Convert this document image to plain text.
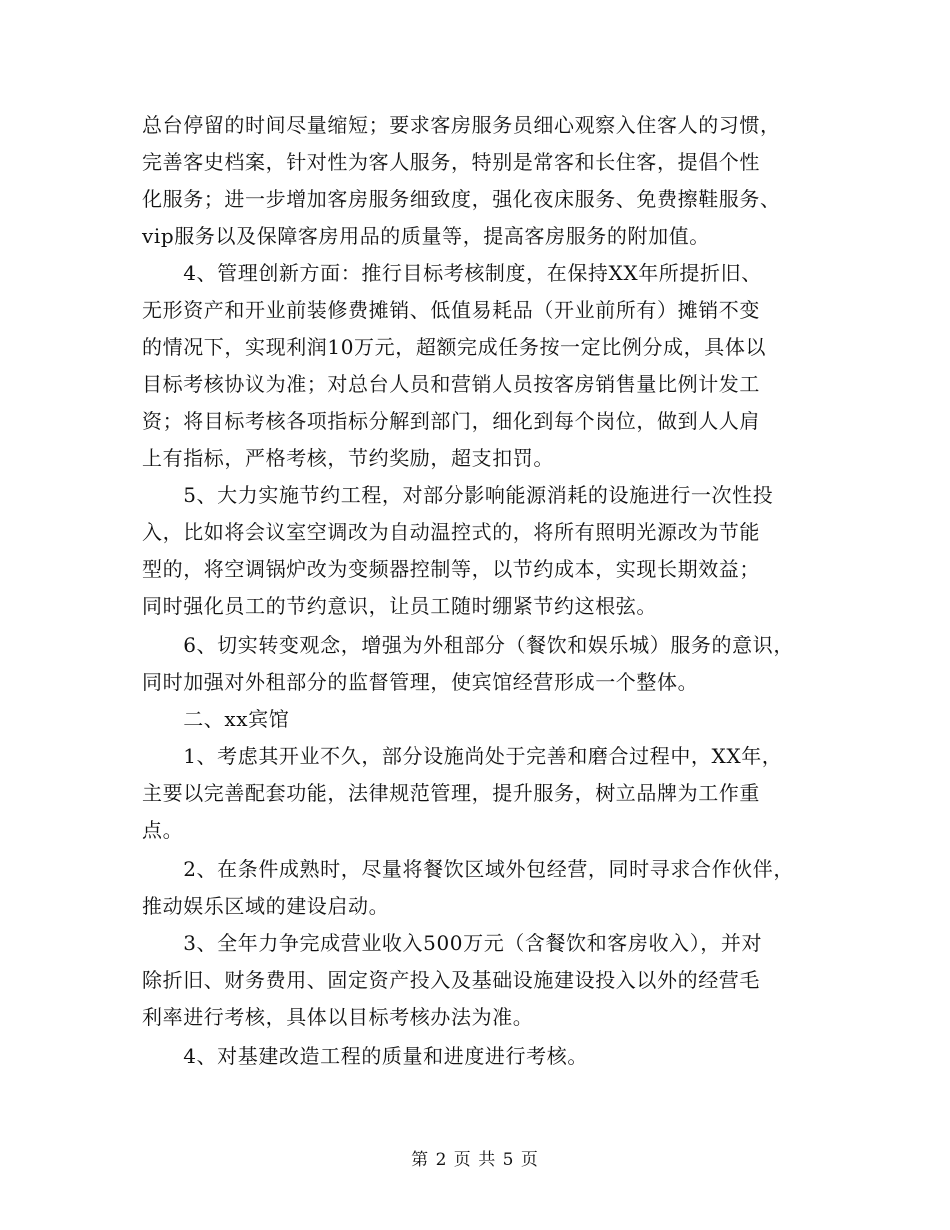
总台停留的时间尽量缩短；要求客房服务员细心观察入住客人的习惯，
完善客史档案，针对性为客人服务，特别是常客和长住客，提倡个性
化服务；进一步增加客房服务细致度，强化夜床服务、免费擦鞋服务、
vip服务以及保障客房用品的质量等，提高客房服务的附加值。
　　4、管理创新方面：推行目标考核制度，在保持XX年所提折旧、
无形资产和开业前装修费摊销、低值易耗品（开业前所有）摊销不变
的情况下，实现利润10万元，超额完成任务按一定比例分成，具体以
目标考核协议为准；对总台人员和营销人员按客房销售量比例计发工
资；将目标考核各项指标分解到部门，细化到每个岗位，做到人人肩
上有指标，严格考核，节约奖励，超支扣罚。
　　5、大力实施节约工程，对部分影响能源消耗的设施进行一次性投
入，比如将会议室空调改为自动温控式的，将所有照明光源改为节能
型的，将空调锅炉改为变频器控制等，以节约成本，实现长期效益；
同时强化员工的节约意识，让员工随时绷紧节约这根弦。
　　6、切实转变观念，增强为外租部分（餐饮和娱乐城）服务的意识，
同时加强对外租部分的监督管理，使宾馆经营形成一个整体。
　　二、xx宾馆
　　1、考虑其开业不久，部分设施尚处于完善和磨合过程中，XX年，
主要以完善配套功能，法律规范管理，提升服务，树立品牌为工作重
点。
　　2、在条件成熟时，尽量将餐饮区域外包经营，同时寻求合作伙伴，
推动娱乐区域的建设启动。
　　3、全年力争完成营业收入500万元（含餐饮和客房收入），并对
除折旧、财务费用、固定资产投入及基础设施建设投入以外的经营毛
利率进行考核，具体以目标考核办法为准。
　　4、对基建改造工程的质量和进度进行考核。
第 2 页 共 5 页
